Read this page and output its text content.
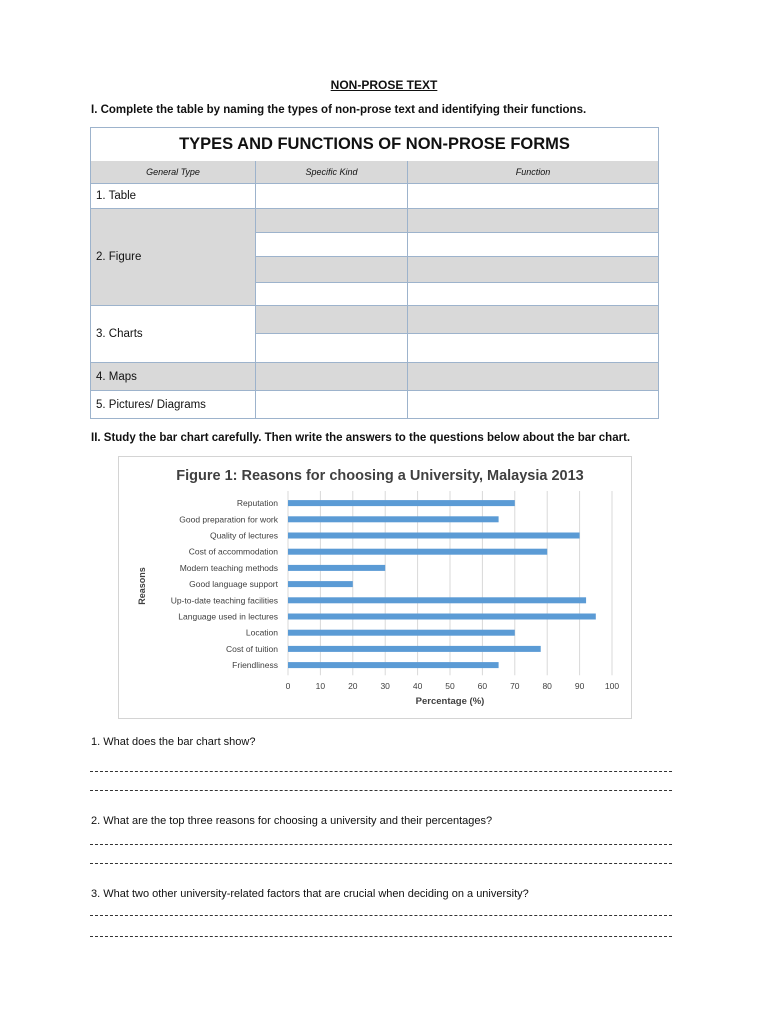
NON-PROSE TEXT
I. Complete the table by naming the types of non-prose text and identifying their functions.
TYPES AND FUNCTIONS OF NON-PROSE FORMS
General Type	Specific Kind	Function
1. Table
2. Figure
3. Charts
4. Maps
5. Pictures/ Diagrams
II. Study the bar chart carefully. Then write the answers to the questions below about the bar chart.
Figure 1: Reasons for choosing a University, Malaysia 2013
Reputation
Good preparation for work
Quality of lectures
Cost of accommodation
Modern teaching methods
Good language support
Up-to-date teaching facilities
Language used in lectures
Location
Cost of tuition
Friendliness
0	10	20	30	40	50	60	70	80	90 100
Percentage (%)
Reasons
1. What does the bar chart show?
2. What are the top three reasons for choosing a university and their percentages?
3. What two other university-related factors that are crucial when deciding on a university?
